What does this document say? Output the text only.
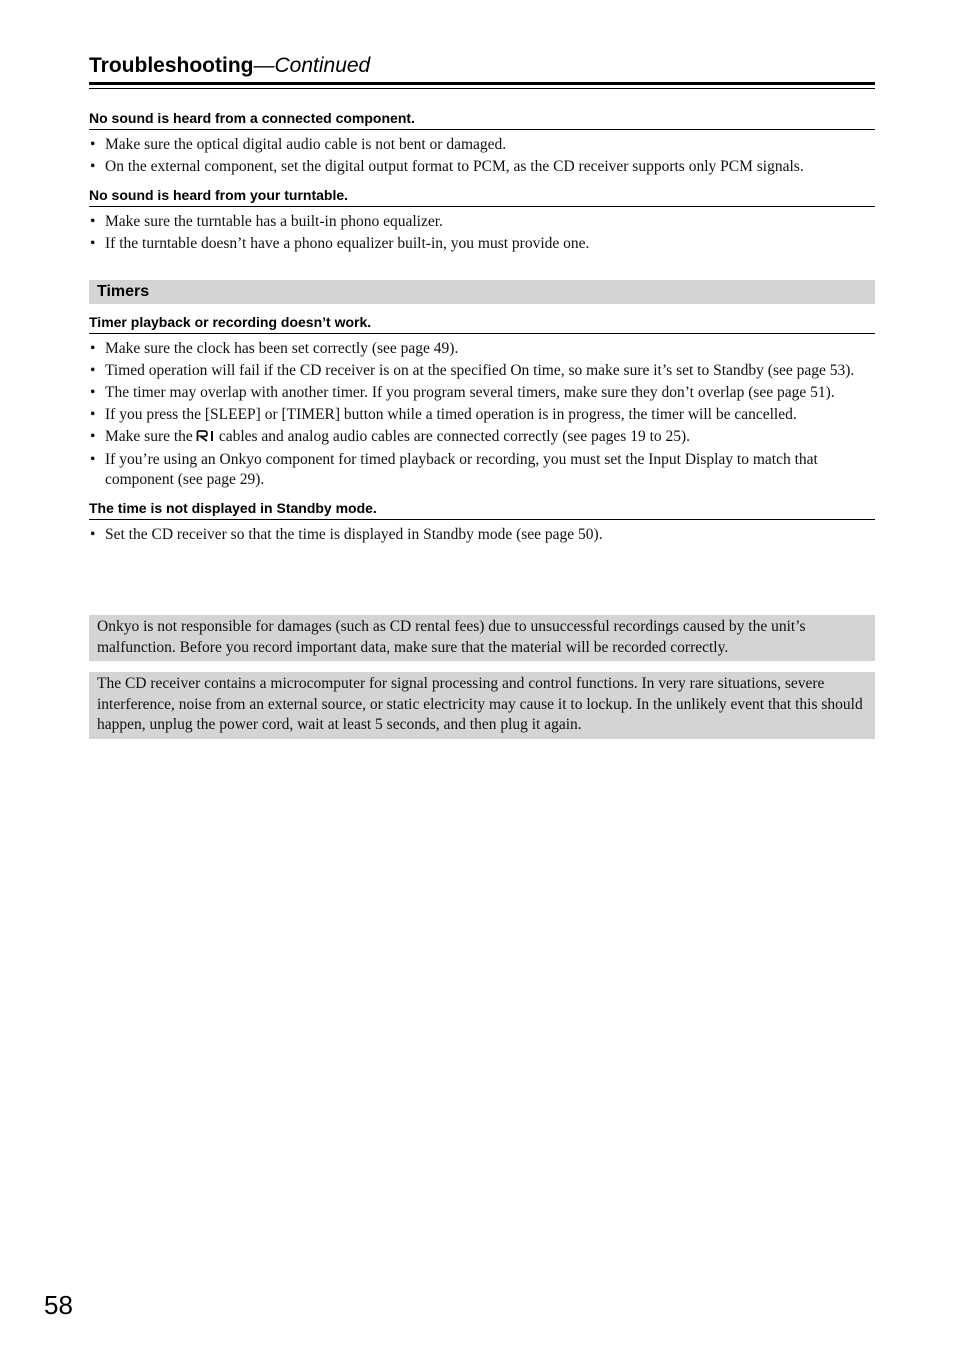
Troubleshooting—Continued

No sound is heard from a connected component.

• Make sure the optical digital audio cable is not bent or damaged.
• On the external component, set the digital output format to PCM, as the CD receiver supports only PCM signals.

No sound is heard from your turntable.

• Make sure the turntable has a built-in phono equalizer.
• If the turntable doesn’t have a phono equalizer built-in, you must provide one.
Timers

Timer playback or recording doesn’t work.

• Make sure the clock has been set correctly (see page 49).
• Timed operation will fail if the CD receiver is on at the specified On time, so make sure it’s set to Standby (see page 53).
• The timer may overlap with another timer. If you program several timers, make sure they don’t overlap (see page 51).
• If you press the [SLEEP] or [TIMER] button while a timed operation is in progress, the timer will be cancelled.
• Make sure the cables and analog audio cables are connected correctly (see pages 19 to 25).
• If you’re using an Onkyo component for timed playback or recording, you must set the Input Display to match that component (see page 29).

The time is not displayed in Standby mode.

• Set the CD receiver so that the time is displayed in Standby mode (see page 50).
Onkyo is not responsible for damages (such as CD rental fees) due to unsuccessful recordings caused by the unit’s malfunction. Before you record important data, make sure that the material will be recorded correctly.
The CD receiver contains a microcomputer for signal processing and control functions. In very rare situations, severe interference, noise from an external source, or static electricity may cause it to lockup. In the unlikely event that this should happen, unplug the power cord, wait at least 5 seconds, and then plug it again.
58
